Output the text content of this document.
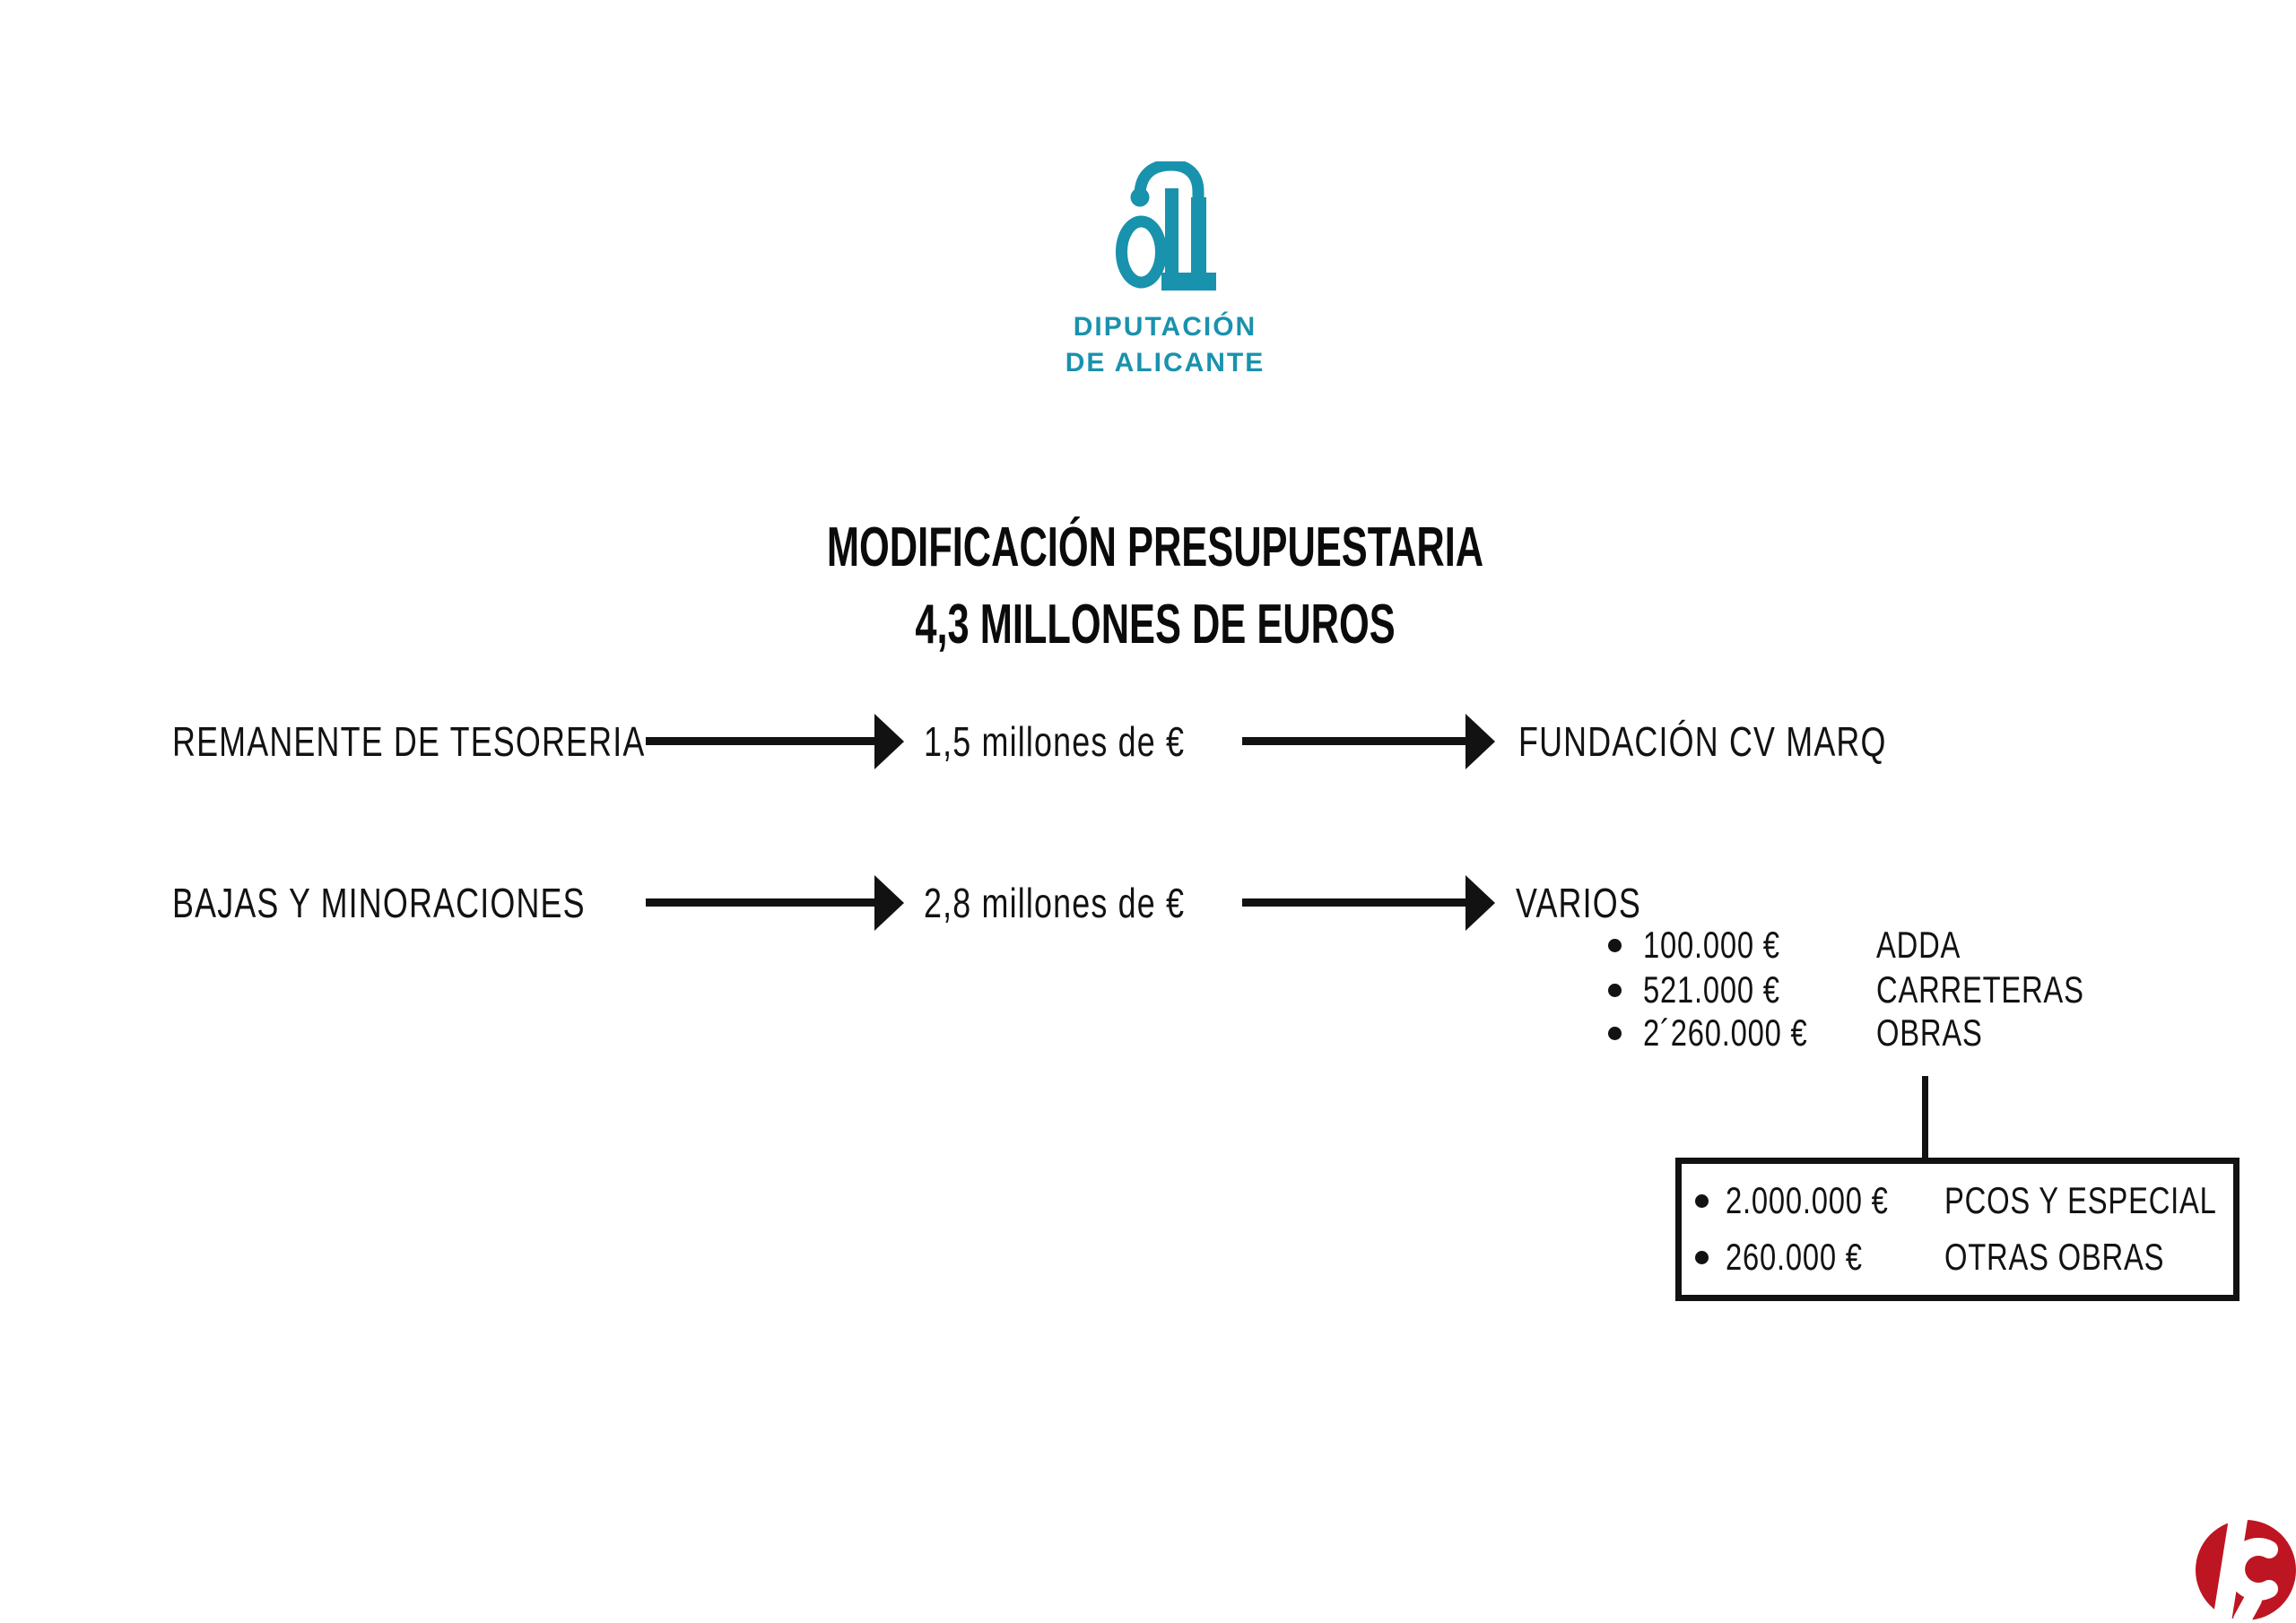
DIPUTACIÓN
DE ALICANTE
MODIFICACIÓN PRESUPUESTARIA
4,3 MILLONES DE EUROS
REMANENTE DE TESORERIA	1,5 millones de €	FUNDACIÓN CV MARQ
BAJAS Y MINORACIONES	2,8 millones de €	VARIOS
100.000 €	ADDA
521.000 €	CARRETERAS
2´260.000 € OBRAS
2.000.000 € PCOS Y ESPECIAL
260.000 € OTRAS OBRAS
